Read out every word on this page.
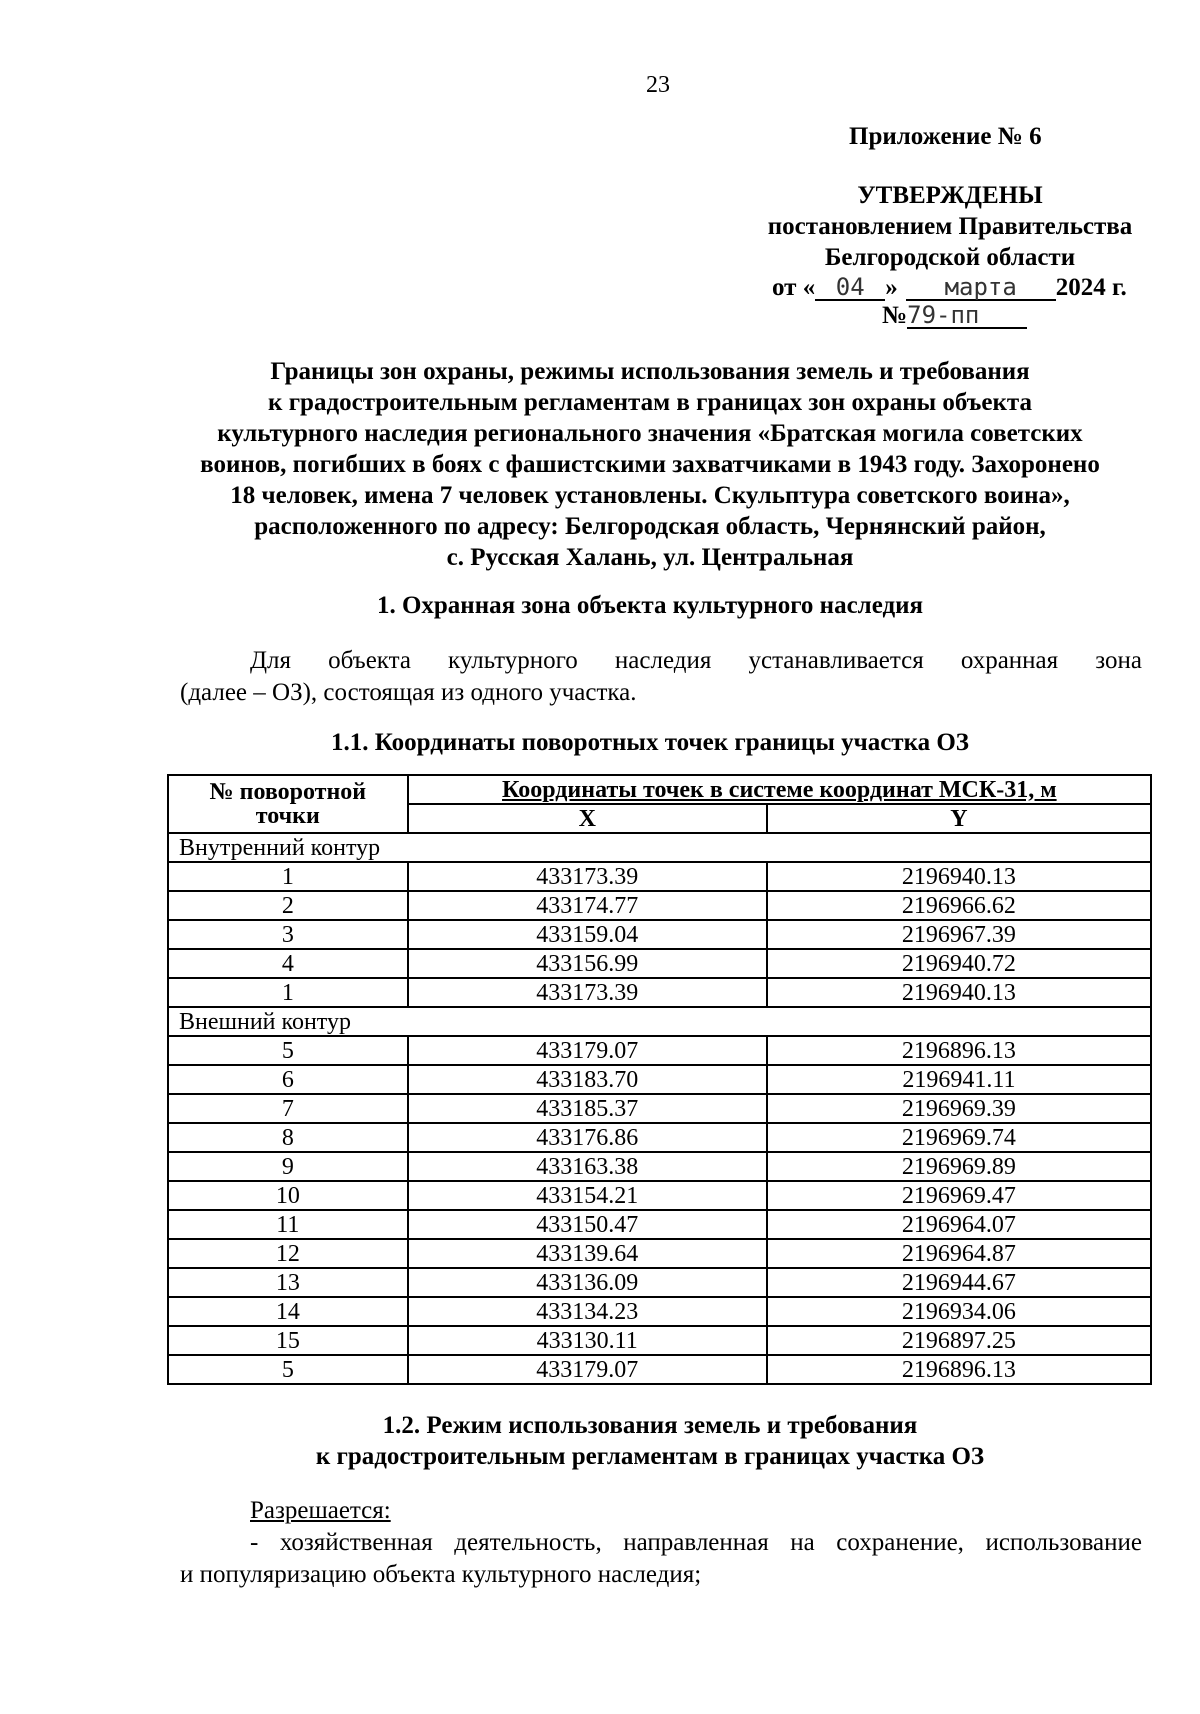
23
Приложение № 6
УТВЕРЖДЕНЫ
постановлением Правительства
Белгородской области
от « 04 » марта 2024 г.
№79-пп
Границы зон охраны, режимы использования земель и требования
к градостроительным регламентам в границах зон охраны объекта
культурного наследия регионального значения «Братская могила советских
воинов, погибших в боях с фашистскими захватчиками в 1943 году. Захоронено
18 человек, имена 7 человек установлены. Скульптура советского воина»,
расположенного по адресу: Белгородская область, Чернянский район,
с. Русская Халань, ул. Центральная
1. Охранная зона объекта культурного наследия
Для объекта культурного наследия устанавливается охранная зона
(далее – ОЗ), состоящая из одного участка.
1.1. Координаты поворотных точек границы участка ОЗ
№ поворотной
точки	Координаты точек в системе координат МСК-31, м	
	X	Y
Внутренний контур		
1	433173.39	2196940.13
2	433174.77	2196966.62
3	433159.04	2196967.39
4	433156.99	2196940.72
1	433173.39	2196940.13
Внешний контур		
5	433179.07	2196896.13
6	433183.70	2196941.11
7	433185.37	2196969.39
8	433176.86	2196969.74
9	433163.38	2196969.89
10	433154.21	2196969.47
11	433150.47	2196964.07
12	433139.64	2196964.87
13	433136.09	2196944.67
14	433134.23	2196934.06
15	433130.11	2196897.25
5	433179.07	2196896.13
1.2. Режим использования земель и требования
к градостроительным регламентам в границах участка ОЗ
Разрешается:
- хозяйственная деятельность, направленная на сохранение, использование
и популяризацию объекта культурного наследия;
